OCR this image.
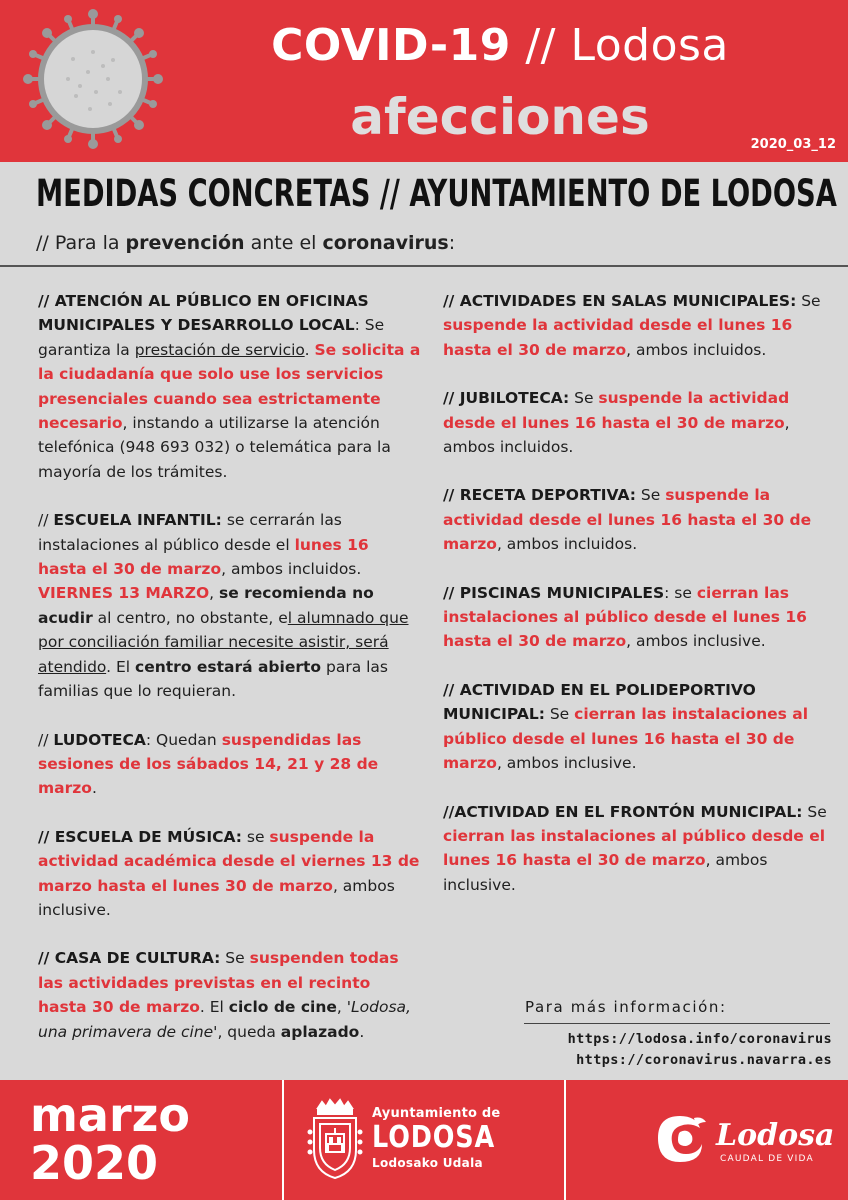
COVID-19 // Lodosa
afecciones	2020_03_12
MEDIDAS CONCRETAS // AYUNTAMIENTO DE LODOSA
// Para la prevención ante el coronavirus:

// ATENCIÓN AL PÚBLICO EN OFICINAS MUNICIPALES Y DESARROLLO LOCAL: Se garantiza la prestación de servicio. Se solicita a la ciudadanía que solo use los servicios presenciales cuando sea estrictamente necesario, instando a utilizarse la atención telefónica (948 693 032) o telemática para la mayoría de los trámites.

// ESCUELA INFANTIL: se cerrarán las instalaciones al público desde el lunes 16 hasta el 30 de marzo, ambos incluidos. VIERNES 13 MARZO, se recomienda no acudir al centro, no obstante, el alumnado que por conciliación familiar necesite asistir, será atendido. El centro estará abierto para las familias que lo requieran.

// LUDOTECA: Quedan suspendidas las sesiones de los sábados 14, 21 y 28 de marzo.

// ESCUELA DE MÚSICA: se suspende la actividad académica desde el viernes 13 de marzo hasta el lunes 30 de marzo, ambos inclusive.

// CASA DE CULTURA: Se suspenden todas las actividades previstas en el recinto hasta 30 de marzo. El ciclo de cine, 'Lodosa, una primavera de cine', queda aplazado.

// ACTIVIDADES EN SALAS MUNICIPALES: Se suspende la actividad desde el lunes 16 hasta el 30 de marzo, ambos incluidos.

// JUBILOTECA: Se suspende la actividad desde el lunes 16 hasta el 30 de marzo, ambos incluidos.

// RECETA DEPORTIVA: Se suspende la actividad desde el lunes 16 hasta el 30 de marzo, ambos incluidos.

// PISCINAS MUNICIPALES: se cierran las instalaciones al público desde el lunes 16 hasta el 30 de marzo, ambos inclusive.

// ACTIVIDAD EN EL POLIDEPORTIVO MUNICIPAL: Se cierran las instalaciones al público desde el lunes 16 hasta el 30 de marzo, ambos inclusive.

//ACTIVIDAD EN EL FRONTÓN MUNICIPAL: Se cierran las instalaciones al público desde el lunes 16 hasta el 30 de marzo, ambos inclusive.

Para más información:
https://lodosa.info/coronavirus
https://coronavirus.navarra.es
marzo
2020
Ayuntamiento de
LODOSA
Lodosako Udala
Lodosa
CAUDAL DE VIDA
